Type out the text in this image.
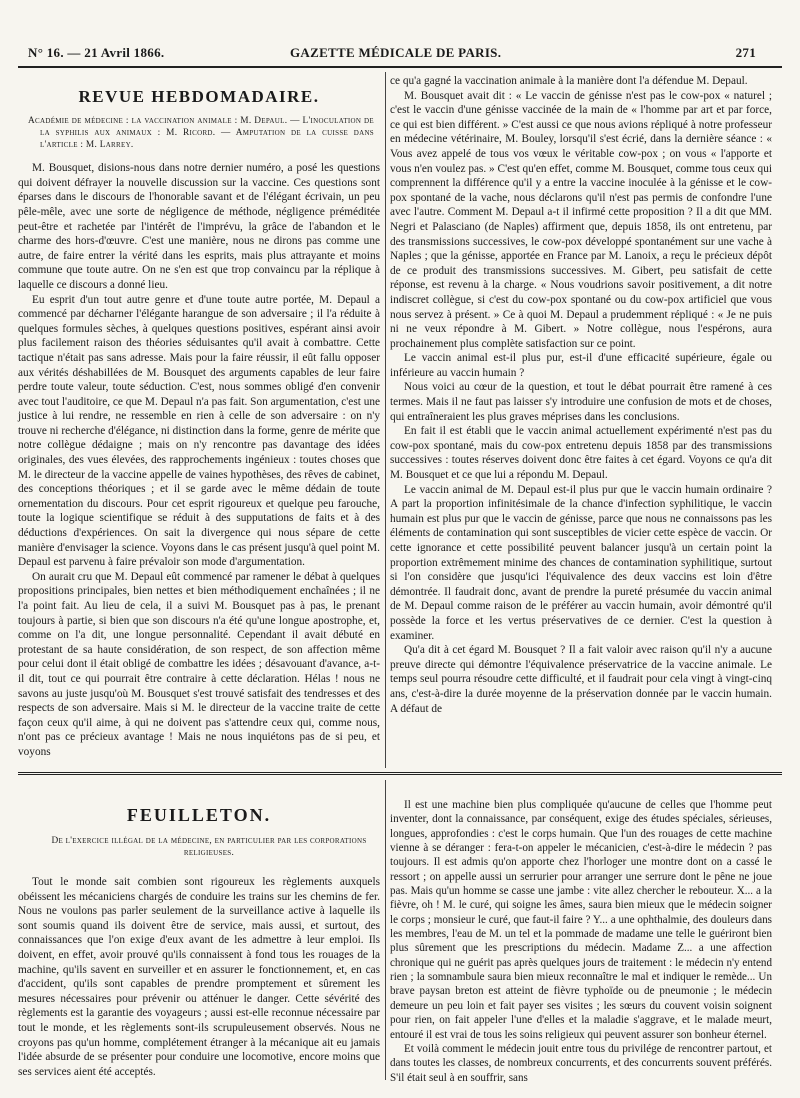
N° 16. — 21 Avril 1866.	GAZETTE MÉDICALE DE PARIS.	271
REVUE HEBDOMADAIRE.
Académie de médecine : la vaccination animale : M. Depaul. — L'inoculation de la syphilis aux animaux : M. Ricord. — Amputation de la cuisse dans l'article : M. Larrey.

M. Bousquet, disions-nous dans notre dernier numéro, a posé les questions qui doivent défrayer la nouvelle discussion sur la vaccine. Ces questions sont éparses dans le discours de l'honorable savant et de l'élégant écrivain, un peu pêle-mêle, avec une sorte de négligence de méthode, négligence préméditée peut-être et rachetée par l'intérêt de l'imprévu, la grâce de l'abandon et le charme des hors-d'œuvre. C'est une manière, nous ne dirons pas comme une autre, de faire entrer la vérité dans les esprits, mais plus attrayante et moins commune que toute autre. On ne s'en est que trop convaincu par la réplique à laquelle ce discours a donné lieu.

Eu esprit d'un tout autre genre et d'une toute autre portée, M. Depaul a commencé par décharner l'élégante harangue de son adversaire ; il l'a réduite à quelques formules sèches, à quelques questions positives, espérant ainsi avoir plus facilement raison des théories séduisantes qu'il avait à combattre. Cette tactique n'était pas sans adresse. Mais pour la faire réussir, il eût fallu opposer aux vérités déshabillées de M. Bousquet des arguments capables de leur faire perdre toute valeur, toute séduction. C'est, nous sommes obligé d'en convenir avec tout l'auditoire, ce que M. Depaul n'a pas fait. Son argumentation, c'est une justice à lui rendre, ne ressemble en rien à celle de son adversaire : on n'y trouve ni recherche d'élégance, ni distinction dans la forme, genre de mérite que notre collègue dédaigne ; mais on n'y rencontre pas davantage des idées originales, des vues élevées, des rapprochements ingénieux : toutes choses que M. le directeur de la vaccine appelle de vaines hypothèses, des rêves de cabinet, des conceptions théoriques ; et il se garde avec le même dédain de toute ornementation du discours. Pour cet esprit rigoureux et quelque peu farouche, toute la logique scientifique se réduit à des supputations de faits et à des déductions d'expériences. On sait la divergence qui nous sépare de cette manière d'envisager la science. Voyons dans le cas présent jusqu'à quel point M. Depaul est parvenu à faire prévaloir son mode d'argumentation.

On aurait cru que M. Depaul eût commencé par ramener le débat à quelques propositions principales, bien nettes et bien méthodiquement enchaînées ; il ne l'a point fait. Au lieu de cela, il a suivi M. Bousquet pas à pas, le prenant toujours à partie, si bien que son discours n'a été qu'une longue apostrophe, et, comme on l'a dit, une longue personnalité. Cependant il avait débuté en protestant de sa haute considération, de son respect, de son affection même pour celui dont il était obligé de combattre les idées ; désavouant d'avance, a-t-il dit, tout ce qui pourrait être contraire à cette déclaration. Hélas ! nous ne savons au juste jusqu'où M. Bousquet s'est trouvé satisfait des tendresses et des respects de son adversaire. Mais si M. le directeur de la vaccine traite de cette façon ceux qu'il aime, à qui ne doivent pas s'attendre ceux qui, comme nous, n'ont pas ce précieux avantage ! Mais ne nous inquiétons pas de si peu, et voyons

ce qu'a gagné la vaccination animale à la manière dont l'a défendue M. Depaul.

M. Bousquet avait dit : « Le vaccin de génisse n'est pas le cow-pox « naturel ; c'est le vaccin d'une génisse vaccinée de la main de « l'homme par art et par force, ce qui est bien différent. » C'est aussi ce que nous avions répliqué à notre professeur en médecine vétérinaire, M. Bouley, lorsqu'il s'est écrié, dans la dernière séance : « Vous avez appelé de tous vos vœux le véritable cow-pox ; on vous « l'apporte et vous n'en voulez pas. » C'est qu'en effet, comme M. Bousquet, comme tous ceux qui comprennent la différence qu'il y a entre la vaccine inoculée à la génisse et le cow-pox spontané de la vache, nous déclarons qu'il n'est pas permis de confondre l'une avec l'autre. Comment M. Depaul a-t il infirmé cette proposition ? Il a dit que MM. Negri et Palasciano (de Naples) affirment que, depuis 1858, ils ont entretenu, par des transmissions successives, le cow-pox développé spontanément sur une vache à Naples ; que la génisse, apportée en France par M. Lanoix, a reçu le précieux dépôt de ce produit des transmissions successives. M. Gibert, peu satisfait de cette réponse, est revenu à la charge. « Nous voudrions savoir positivement, a dit notre indiscret collègue, si c'est du cow-pox spontané ou du cow-pox artificiel que vous nous servez à présent. » Ce à quoi M. Depaul a prudemment répliqué : « Je ne puis ni ne veux répondre à M. Gibert. » Notre collègue, nous l'espérons, aura prochainement plus complète satisfaction sur ce point.

Le vaccin animal est-il plus pur, est-il d'une efficacité supérieure, égale ou inférieure au vaccin humain ?

Nous voici au cœur de la question, et tout le débat pourrait être ramené à ces termes. Mais il ne faut pas laisser s'y introduire une confusion de mots et de choses, qui entraîneraient les plus graves méprises dans les conclusions.

En fait il est établi que le vaccin animal actuellement expérimenté n'est pas du cow-pox spontané, mais du cow-pox entretenu depuis 1858 par des transmissions successives : toutes réserves doivent donc être faites à cet égard. Voyons ce qu'a dit M. Bousquet et ce que lui a répondu M. Depaul.

Le vaccin animal de M. Depaul est-il plus pur que le vaccin humain ordinaire ? A part la proportion infinitésimale de la chance d'infection syphilitique, le vaccin humain est plus pur que le vaccin de génisse, parce que nous ne connaissons pas les éléments de contamination qui sont susceptibles de vicier cette espèce de vaccin. Or cette ignorance et cette possibilité peuvent balancer jusqu'à un certain point la proportion extrêmement minime des chances de contamination syphilitique, surtout si l'on considère que jusqu'ici l'équivalence des deux vaccins est loin d'être démontrée. Il faudrait donc, avant de prendre la pureté présumée du vaccin animal de M. Depaul comme raison de le préférer au vaccin humain, avoir démontré qu'il possède la force et les vertus préservatives de ce dernier. C'est la question à examiner.

Qu'a dit à cet égard M. Bousquet ? Il a fait valoir avec raison qu'il n'y a aucune preuve directe qui démontre l'équivalence préservatrice de la vaccine animale. Le temps seul pourra résoudre cette difficulté, et il faudrait pour cela vingt à vingt-cinq ans, c'est-à-dire la durée moyenne de la préservation donnée par le vaccin humain. A défaut de

FEUILLETON.
De l'exercice illégal de la médecine, en particulier par les corporations religieuses.

Tout le monde sait combien sont rigoureux les règlements auxquels obéissent les mécaniciens chargés de conduire les trains sur les chemins de fer. Nous ne voulons pas parler seulement de la surveillance active à laquelle ils sont soumis quand ils doivent être de service, mais aussi, et surtout, des connaissances que l'on exige d'eux avant de les admettre à leur emploi. Ils doivent, en effet, avoir prouvé qu'ils connaissent à fond tous les rouages de la machine, qu'ils savent en surveiller et en assurer le fonctionnement, et, en cas d'accident, qu'ils sont capables de prendre promptement et sûrement les mesures nécessaires pour prévenir ou atténuer le danger. Cette sévérité des règlements est la garantie des voyageurs ; aussi est-elle reconnue nécessaire par tout le monde, et les règlements sont-ils scrupuleusement observés. Nous ne croyons pas qu'un homme, complétement étranger à la mécanique ait eu jamais l'idée absurde de se présenter pour conduire une locomotive, encore moins que ses services aient été acceptés.

Il est une machine bien plus compliquée qu'aucune de celles que l'homme peut inventer, dont la connaissance, par conséquent, exige des études spéciales, sérieuses, longues, approfondies : c'est le corps humain. Que l'un des rouages de cette machine vienne à se déranger : fera-t-on appeler le mécanicien, c'est-à-dire le médecin ? pas toujours. Il est admis qu'on apporte chez l'horloger une montre dont on a cassé le ressort ; on appelle aussi un serrurier pour arranger une serrure dont le pêne ne joue pas. Mais qu'un homme se casse une jambe : vite allez chercher le rebouteur. X... a la fièvre, oh ! M. le curé, qui soigne les âmes, saura bien mieux que le médecin soigner le corps ; monsieur le curé, que faut-il faire ? Y... a une ophthalmie, des douleurs dans les membres, l'eau de M. un tel et la pommade de madame une telle le guériront bien plus sûrement que les prescriptions du médecin. Madame Z... a une affection chronique qui ne guérit pas après quelques jours de traitement : le médecin n'y entend rien ; la somnambule saura bien mieux reconnaître le mal et indiquer le remède... Un brave paysan breton est atteint de fièvre typhoïde ou de pneumonie ; le médecin demeure un peu loin et fait payer ses visites ; les sœurs du couvent voisin soignent pour rien, on fait appeler l'une d'elles et la maladie s'aggrave, et le malade meurt, entouré il est vrai de tous les soins religieux qui peuvent assurer son bonheur éternel.

Et voilà comment le médecin jouit entre tous du privilége de rencontrer partout, et dans toutes les classes, de nombreux concurrents, et des concurrents souvent préférés. S'il était seul à en souffrir, sans
